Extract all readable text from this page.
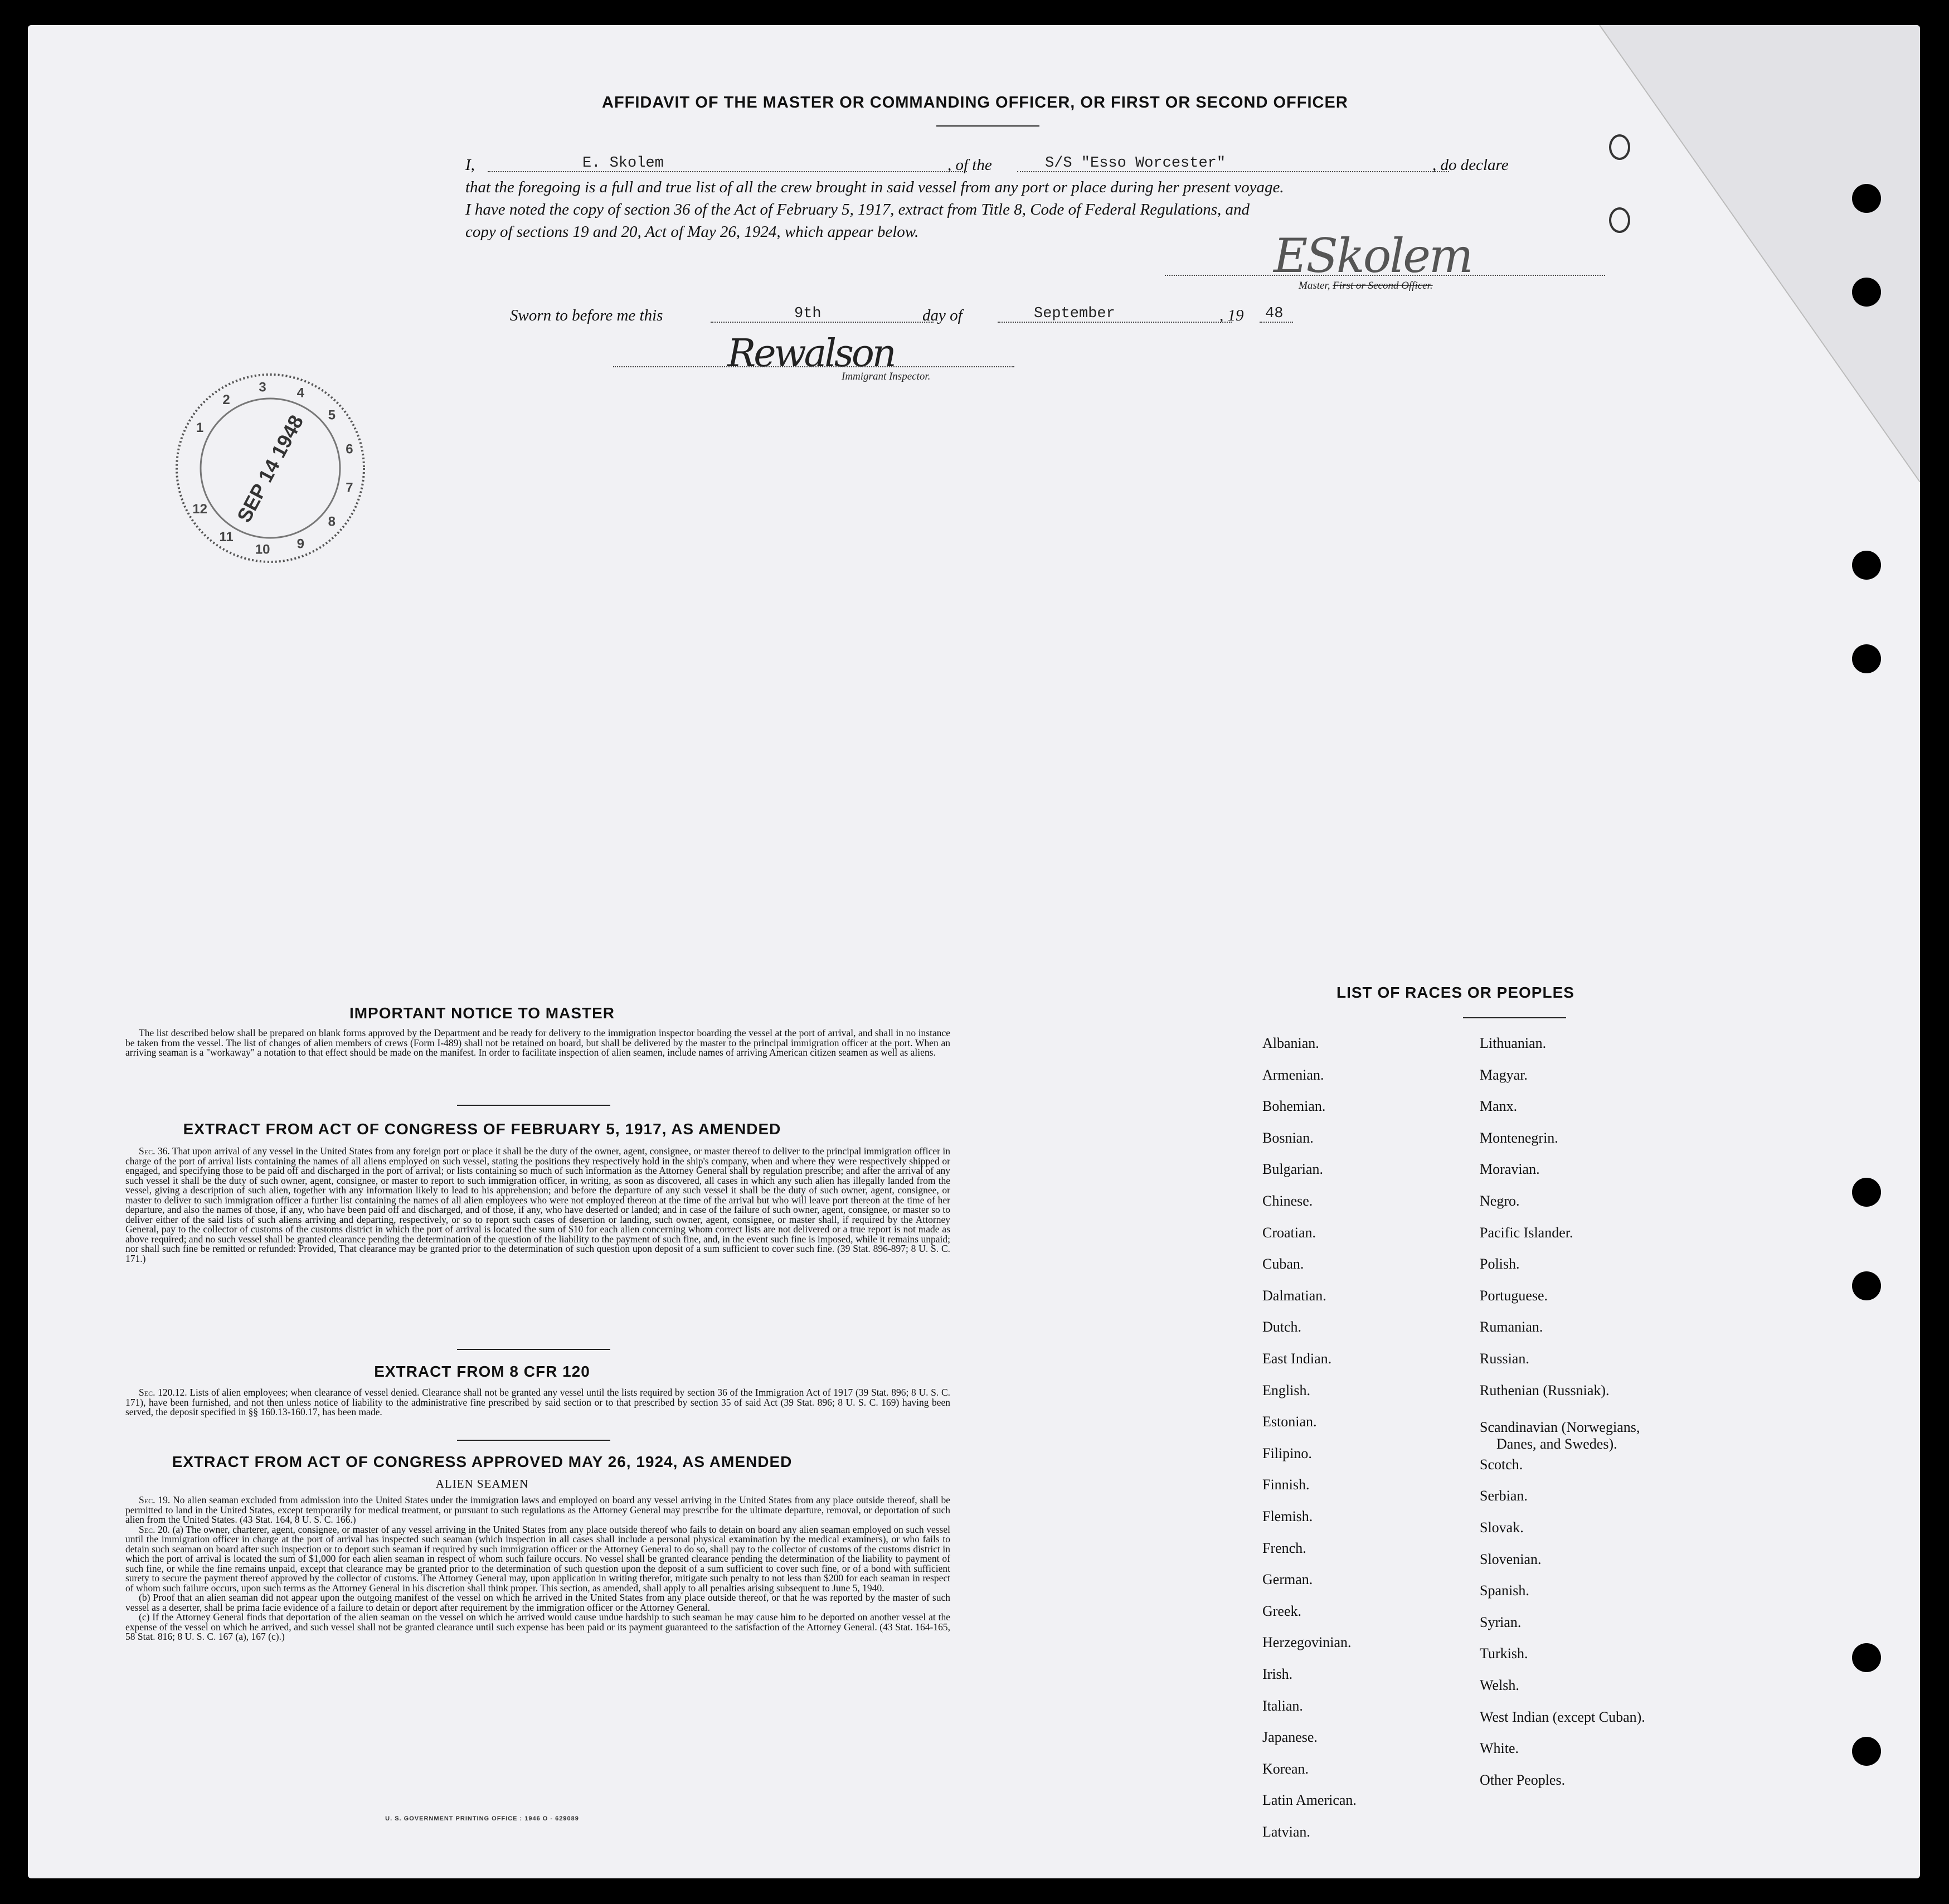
AFFIDAVIT OF THE MASTER OR COMMANDING OFFICER, OR FIRST OR SECOND OFFICER
I,	E. Skolem	, of the	S/S "Esso Worcester"	, do declare
that the foregoing is a full and true list of all the crew brought in said vessel from any port or place during her present voyage.
I have noted the copy of section 36 of the Act of February 5, 1917, extract from Title 8, Code of Federal Regulations, and
copy of sections 19 and 20, Act of May 26, 1924, which appear below.	ESkolem
Master, First or Second Officer.
Sworn to before me this	9th	day of	September	, 19 48
Rewalson
Immigrant Inspector.
1
2
3 4
5
6
7
8
9
10
11
12 SEP 14 1948
IMPORTANT NOTICE TO MASTER

The list described below shall be prepared on blank forms approved by the Department and be ready for delivery to the immigration inspector boarding the vessel at the port of arrival, and shall in no instance be taken from the vessel. The list of changes of alien members of crews (Form I-489) shall not be retained on board, but shall be delivered by the master to the principal immigration officer at the port. When an arriving seaman is a "workaway" a notation to that effect should be made on the manifest. In order to facilitate inspection of alien seamen, include names of arriving American citizen seamen as well as aliens.

EXTRACT FROM ACT OF CONGRESS OF FEBRUARY 5, 1917, AS AMENDED

Sec. 36. That upon arrival of any vessel in the United States from any foreign port or place it shall be the duty of the owner, agent, consignee, or master thereof to deliver to the principal immigration officer in charge of the port of arrival lists containing the names of all aliens employed on such vessel, stating the positions they respectively hold in the ship's company, when and where they were respectively shipped or engaged, and specifying those to be paid off and discharged in the port of arrival; or lists containing so much of such information as the Attorney General shall by regulation prescribe; and after the arrival of any such vessel it shall be the duty of such owner, agent, consignee, or master to report to such immigration officer, in writing, as soon as discovered, all cases in which any such alien has illegally landed from the vessel, giving a description of such alien, together with any information likely to lead to his apprehension; and before the departure of any such vessel it shall be the duty of such owner, agent, consignee, or master to deliver to such immigration officer a further list containing the names of all alien employees who were not employed thereon at the time of the arrival but who will leave port thereon at the time of her departure, and also the names of those, if any, who have been paid off and discharged, and of those, if any, who have deserted or landed; and in case of the failure of such owner, agent, consignee, or master so to deliver either of the said lists of such aliens arriving and departing, respectively, or so to report such cases of desertion or landing, such owner, agent, consignee, or master shall, if required by the Attorney General, pay to the collector of customs of the customs district in which the port of arrival is located the sum of $10 for each alien concerning whom correct lists are not delivered or a true report is not made as above required; and no such vessel shall be granted clearance pending the determination of the question of the liability to the payment of such fine, and, in the event such fine is imposed, while it remains unpaid; nor shall such fine be remitted or refunded: Provided, That clearance may be granted prior to the determination of such question upon deposit of a sum sufficient to cover such fine. (39 Stat. 896-897; 8 U. S. C. 171.)

EXTRACT FROM 8 CFR 120

Sec. 120.12. Lists of alien employees; when clearance of vessel denied. Clearance shall not be granted any vessel until the lists required by section 36 of the Immigration Act of 1917 (39 Stat. 896; 8 U. S. C. 171), have been furnished, and not then unless notice of liability to the administrative fine prescribed by said section or to that prescribed by section 35 of said Act (39 Stat. 896; 8 U. S. C. 169) having been served, the deposit specified in §§ 160.13-160.17, has been made.

EXTRACT FROM ACT OF CONGRESS APPROVED MAY 26, 1924, AS AMENDED
ALIEN SEAMEN

Sec. 19. No alien seaman excluded from admission into the United States under the immigration laws and employed on board any vessel arriving in the United States from any place outside thereof, shall be permitted to land in the United States, except temporarily for medical treatment, or pursuant to such regulations as the Attorney General may prescribe for the ultimate departure, removal, or deportation of such alien from the United States. (43 Stat. 164, 8 U. S. C. 166.)

Sec. 20. (a) The owner, charterer, agent, consignee, or master of any vessel arriving in the United States from any place outside thereof who fails to detain on board any alien seaman employed on such vessel until the immigration officer in charge at the port of arrival has inspected such seaman (which inspection in all cases shall include a personal physical examination by the medical examiners), or who fails to detain such seaman on board after such inspection or to deport such seaman if required by such immigration officer or the Attorney General to do so, shall pay to the collector of customs of the customs district in which the port of arrival is located the sum of $1,000 for each alien seaman in respect of whom such failure occurs. No vessel shall be granted clearance pending the determination of the liability to payment of such fine, or while the fine remains unpaid, except that clearance may be granted prior to the determination of such question upon the deposit of a sum sufficient to cover such fine, or of a bond with sufficient surety to secure the payment thereof approved by the collector of customs. The Attorney General may, upon application in writing therefor, mitigate such penalty to not less than $200 for each seaman in respect of whom such failure occurs, upon such terms as the Attorney General in his discretion shall think proper. This section, as amended, shall apply to all penalties arising subsequent to June 5, 1940.

(b) Proof that an alien seaman did not appear upon the outgoing manifest of the vessel on which he arrived in the United States from any place outside thereof, or that he was reported by the master of such vessel as a deserter, shall be prima facie evidence of a failure to detain or deport after requirement by the immigration officer or the Attorney General.

(c) If the Attorney General finds that deportation of the alien seaman on the vessel on which he arrived would cause undue hardship to such seaman he may cause him to be deported on another vessel at the expense of the vessel on which he arrived, and such vessel shall not be granted clearance until such expense has been paid or its payment guaranteed to the satisfaction of the Attorney General. (43 Stat. 164-165, 58 Stat. 816; 8 U. S. C. 167 (a), 167 (c).)

U. S. GOVERNMENT PRINTING OFFICE : 1946 O - 629089
LIST OF RACES OR PEOPLES
Albanian.
Armenian.
Bohemian.
Bosnian.
Bulgarian.
Chinese.
Croatian.
Cuban.
Dalmatian.
Dutch.
East Indian.
English.
Estonian.
Filipino.
Finnish.
Flemish.
French.
German.
Greek.
Herzegovinian.
Irish.
Italian.
Japanese.
Korean.
Latin American.
Latvian.
Lithuanian.
Magyar.
Manx.
Montenegrin.
Moravian.
Negro.
Pacific Islander.
Polish.
Portuguese.
Rumanian.
Russian.
Ruthenian (Russniak).
Scandinavian (Norwegians,
Danes, and Swedes).
Scotch.
Serbian.
Slovak.
Slovenian.
Spanish.
Syrian.
Turkish.
Welsh.
West Indian (except Cuban).
White.
Other Peoples.
